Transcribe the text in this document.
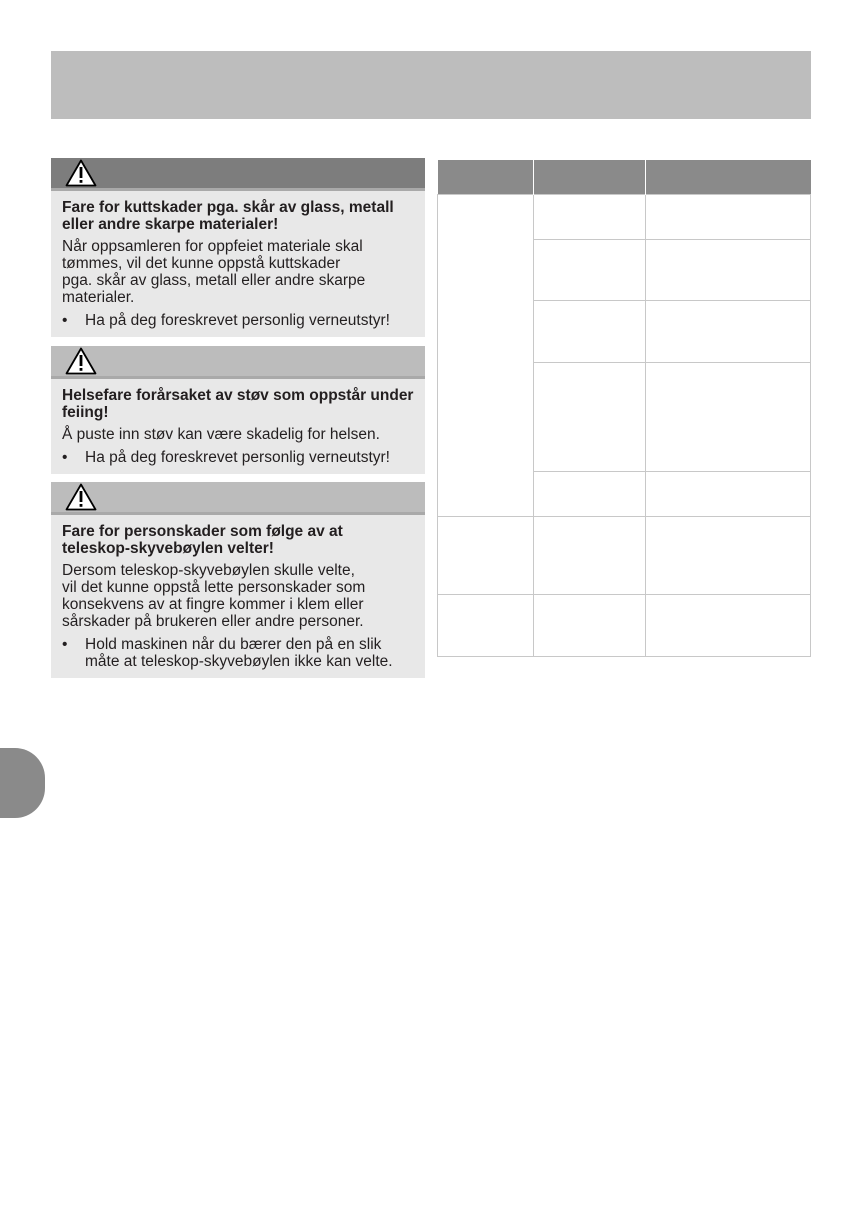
Fare for kuttskader pga. skår av glass, metall eller andre skarpe materialer!

Når oppsamleren for oppfeiet materiale skal
tømmes, vil det kunne oppstå kuttskader
pga. skår av glass, metall eller andre skarpe
materialer.

• Ha på deg foreskrevet personlig verneutstyr!

Helsefare forårsaket av støv som oppstår under feiing!

Å puste inn støv kan være skadelig for helsen.

• Ha på deg foreskrevet personlig verneutstyr!

Fare for personskader som følge av at teleskop-skyvebøylen velter!

Dersom teleskop-skyvebøylen skulle velte,
vil det kunne oppstå lette personskader som
konsekvens av at fingre kommer i klem eller
sårskader på brukeren eller andre personer.

• Hold maskinen når du bærer den på en slik måte at teleskop-skyvebøylen ikke kan velte.
